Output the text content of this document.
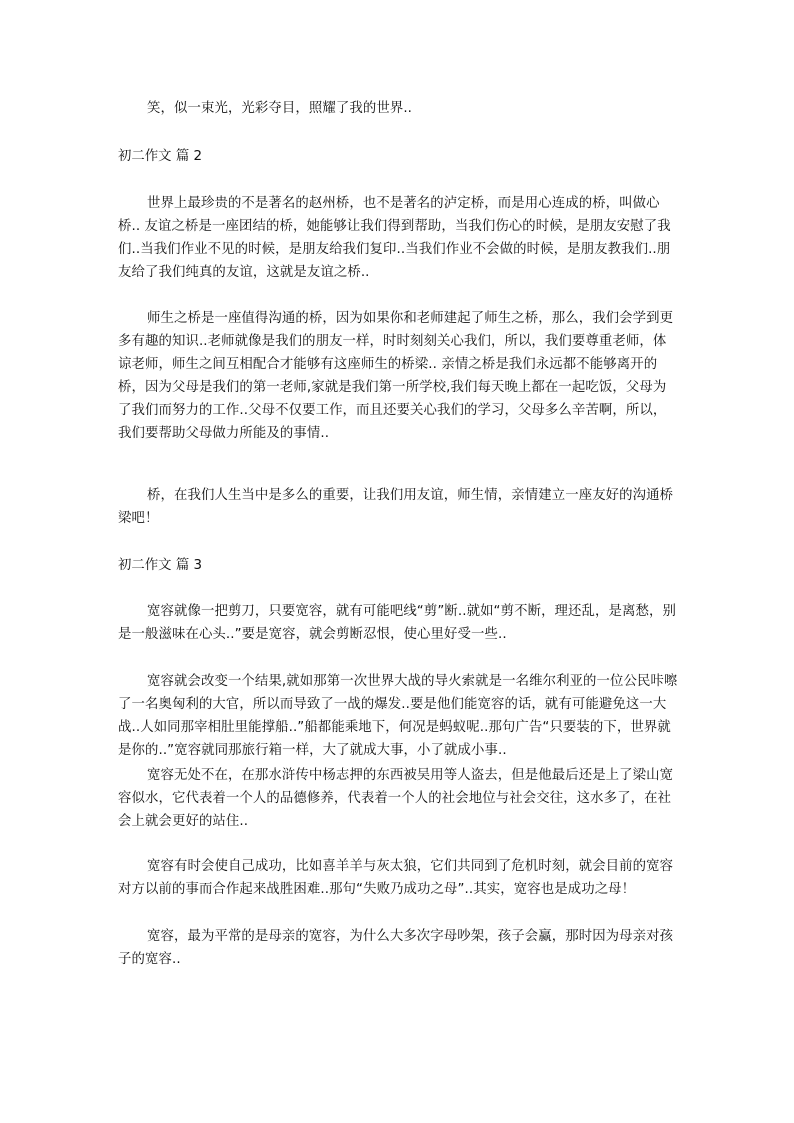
笑，似一束光，光彩夺目，照耀了我的世界..

初二作文 篇 2

世界上最珍贵的不是著名的赵州桥，也不是著名的泸定桥，而是用心连成的桥，叫做心桥.. 友谊之桥是一座团结的桥，她能够让我们得到帮助，当我们伤心的时候，是朋友安慰了我们..当我们作业不见的时候，是朋友给我们复印..当我们作业不会做的时候，是朋友教我们..朋友给了我们纯真的友谊，这就是友谊之桥..

师生之桥是一座值得沟通的桥，因为如果你和老师建起了师生之桥，那么，我们会学到更多有趣的知识..老师就像是我们的朋友一样，时时刻刻关心我们，所以，我们要尊重老师，体谅老师，师生之间互相配合才能够有这座师生的桥梁.. 亲情之桥是我们永远都不能够离开的桥，因为父母是我们的第一老师,家就是我们第一所学校,我们每天晚上都在一起吃饭，父母为了我们而努力的工作..父母不仅要工作，而且还要关心我们的学习，父母多么辛苦啊，所以，我们要帮助父母做力所能及的事情..

桥，在我们人生当中是多么的重要，让我们用友谊，师生情，亲情建立一座友好的沟通桥梁吧！

初二作文 篇 3

宽容就像一把剪刀，只要宽容，就有可能吧线“剪”断..就如“剪不断，理还乱，是离愁，别是一般滋味在心头..”要是宽容，就会剪断忍恨，使心里好受一些..

宽容就会改变一个结果,就如那第一次世界大战的导火索就是一名维尔利亚的一位公民咔嚓了一名奥匈利的大官，所以而导致了一战的爆发..要是他们能宽容的话，就有可能避免这一大战..人如同那宰相肚里能撑船..”船都能乘地下，何况是蚂蚁呢..那句广告“只要装的下，世界就是你的..”宽容就同那旅行箱一样，大了就成大事，小了就成小事..

宽容无处不在，在那水浒传中杨志押的东西被吴用等人盗去，但是他最后还是上了梁山宽容似水，它代表着一个人的品德修养，代表着一个人的社会地位与社会交往，这水多了，在社会上就会更好的站住..

宽容有时会使自己成功，比如喜羊羊与灰太狼，它们共同到了危机时刻，就会目前的宽容对方以前的事而合作起来战胜困难..那句“失败乃成功之母”..其实，宽容也是成功之母！

宽容，最为平常的是母亲的宽容，为什么大多次字母吵架，孩子会赢，那时因为母亲对孩子的宽容..
